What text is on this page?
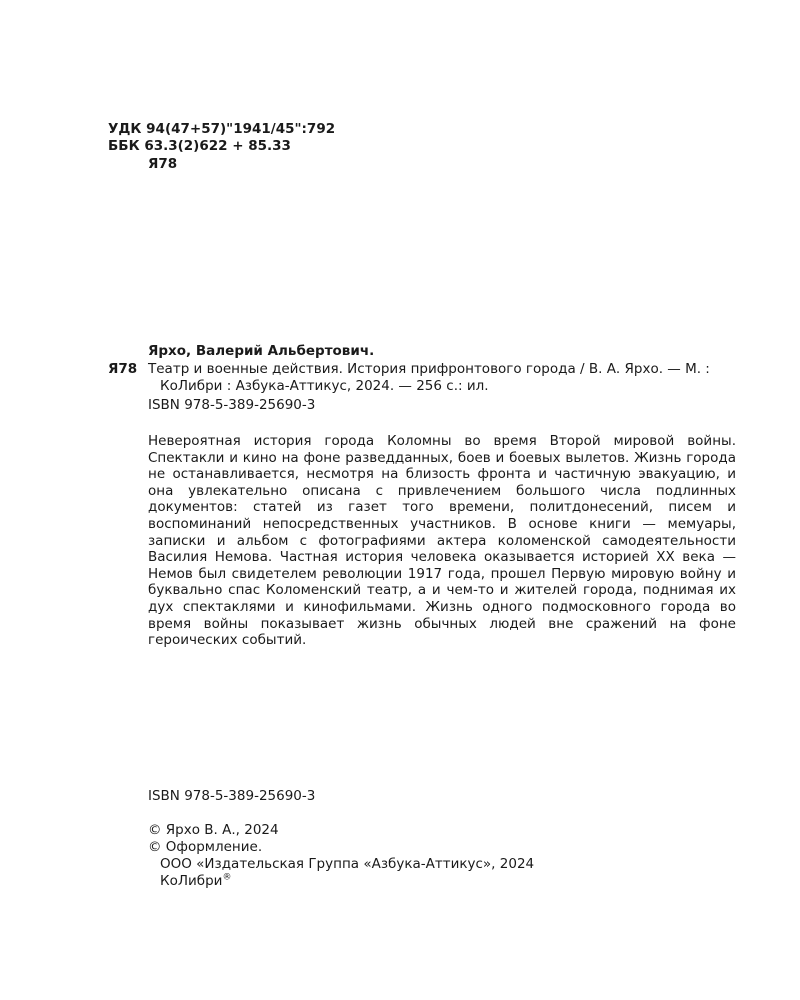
УДК 94(47+57)"1941/45":792
ББК 63.3(2)622 + 85.33
Я78
Ярхо, Валерий Альбертович.
Я78 Театр и военные действия. История прифронтового города / В. А. Ярхо. — М. :
КоЛибри : Азбука-Аттикус, 2024. — 256 с.: ил.
ISBN 978-5-389-25690-3

Невероятная история города Коломны во время Второй мировой войны. Спектакли и кино на фоне разведданных, боев и боевых вылетов. Жизнь города не останавливается, несмотря на близость фронта и частичную эвакуацию, и она увлекательно описана с привлечением большого числа подлинных документов: статей из газет того времени, политдонесений, писем и воспоминаний непосредственных участников. В основе книги — мемуары, записки и альбом с фотографиями актера коломенской самодеятельности Василия Немова. Частная история человека оказывается историей XX века — Немов был свидетелем революции 1917 года, прошел Первую мировую войну и буквально спас Коломенский театр, а и чем-то и жителей города, поднимая их дух спектаклями и кинофильмами. Жизнь одного подмосковного города во время войны показывает жизнь обычных людей вне сражений на фоне героических событий.

ISBN 978-5-389-25690-3
© Ярхо В. А., 2024
© Оформление.
ООО «Издательская Группа «Азбука-Аттикус», 2024
КоЛибри®
